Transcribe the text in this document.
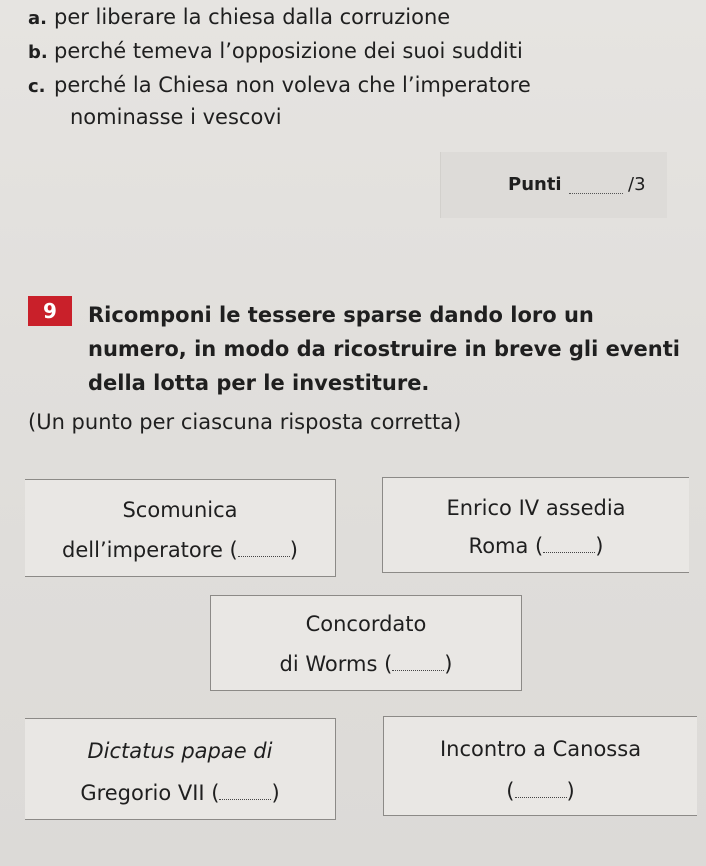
a. per liberare la chiesa dalla corruzione
b. perché temeva l’opposizione dei suoi sudditi
c. perché la Chiesa non voleva che l’imperatore
nominasse i vescovi
Punti	/3
9	Ricomponi le tessere sparse dando loro un numero, in modo da ricostruire in breve gli eventi della lotta per le investiture.
(Un punto per ciascuna risposta corretta)
Scomunica
dell’imperatore ( )
Enrico IV assedia
Roma ( )
Concordato
di Worms ( )
Dictatus papae di
Gregorio VII ( )
Incontro a Canossa
( )
